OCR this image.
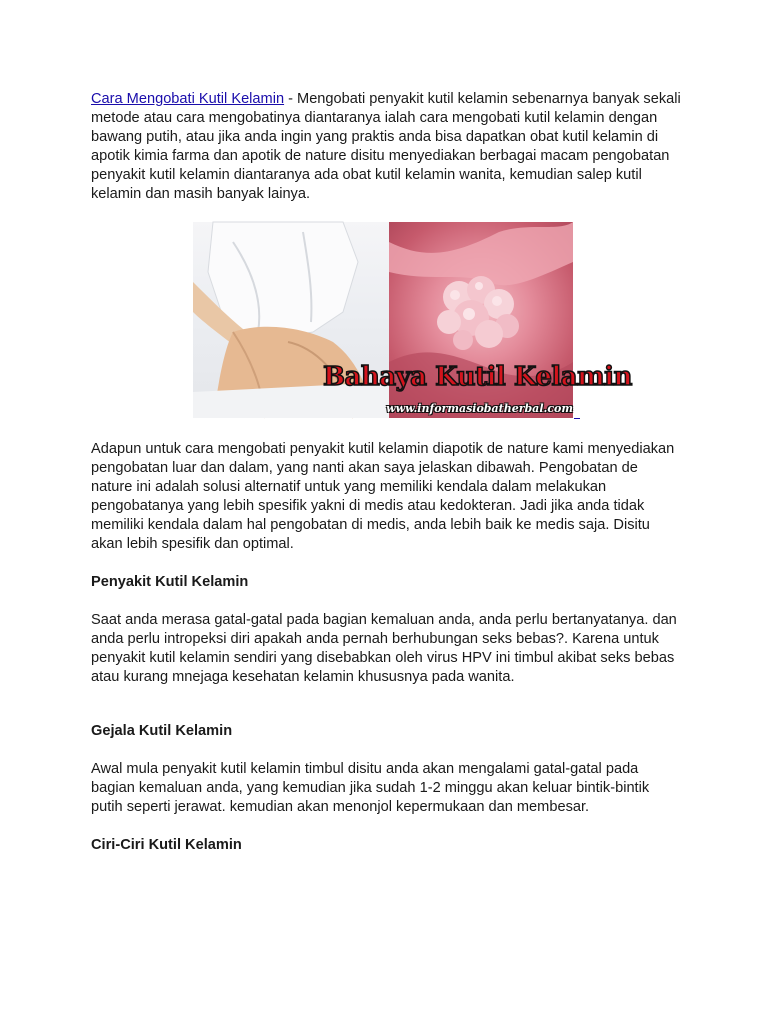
Cara Mengobati Kutil Kelamin - Mengobati penyakit kutil kelamin sebenarnya banyak sekali metode atau cara mengobatinya diantaranya ialah cara mengobati kutil kelamin dengan bawang putih, atau jika anda ingin yang praktis anda bisa dapatkan obat kutil kelamin di apotik kimia farma dan apotik de nature disitu menyediakan berbagai macam pengobatan penyakit kutil kelamin diantaranya ada obat kutil kelamin wanita, kemudian salep kutil kelamin dan masih banyak lainya.

Bahaya Kutil Kelamin
www.informasiobatherbal.com

Adapun untuk cara mengobati penyakit kutil kelamin diapotik de nature kami menyediakan pengobatan luar dan dalam, yang nanti akan saya jelaskan dibawah. Pengobatan de nature ini adalah solusi alternatif untuk yang memiliki kendala dalam melakukan pengobatanya yang lebih spesifik yakni di medis atau kedokteran. Jadi jika anda tidak memiliki kendala dalam hal pengobatan di medis, anda lebih baik ke medis saja. Disitu akan lebih spesifik dan optimal.

Penyakit Kutil Kelamin

Saat anda merasa gatal-gatal pada bagian kemaluan anda, anda perlu bertanyatanya. dan anda perlu intropeksi diri apakah anda pernah berhubungan seks bebas?. Karena untuk penyakit kutil kelamin sendiri yang disebabkan oleh virus HPV ini timbul akibat seks bebas atau kurang mnejaga kesehatan kelamin khususnya pada wanita.

Gejala Kutil Kelamin

Awal mula penyakit kutil kelamin timbul disitu anda akan mengalami gatal-gatal pada bagian kemaluan anda, yang kemudian jika sudah 1-2 minggu akan keluar bintik-bintik putih seperti jerawat. kemudian akan menonjol kepermukaan dan membesar.

Ciri-Ciri Kutil Kelamin
